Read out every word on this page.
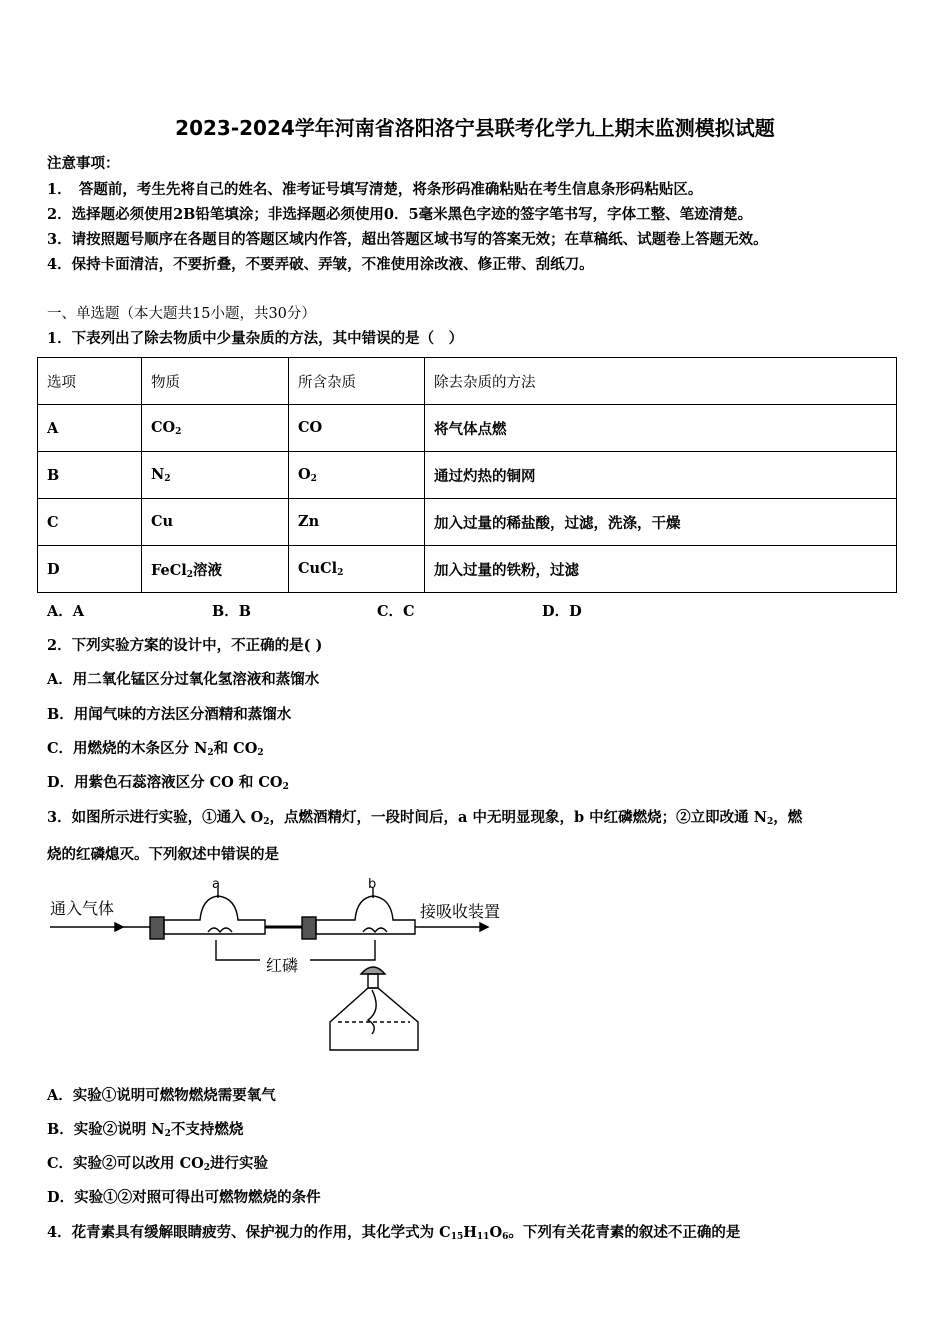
2023-2024学年河南省洛阳洛宁县联考化学九上期末监测模拟试题
注意事项：
1．　答题前，考生先将自己的姓名、准考证号填写清楚，将条形码准确粘贴在考生信息条形码粘贴区。
2．选择题必须使用2B铅笔填涂；非选择题必须使用0．5毫米黑色字迹的签字笔书写，字体工整、笔迹清楚。
3．请按照题号顺序在各题目的答题区域内作答，超出答题区域书写的答案无效；在草稿纸、试题卷上答题无效。
4．保持卡面清洁，不要折叠，不要弄破、弄皱，不准使用涂改液、修正带、刮纸刀。
一、单选题（本大题共15小题，共30分）
1．下表列出了除去物质中少量杂质的方法，其中错误的是（　）
选项	物质	所含杂质	除去杂质的方法
A	$CO_2$	CO	将气体点燃
B	$N_2$	$O_2$	通过灼热的铜网
C	Cu	Zn	加入过量的稀盐酸，过滤，洗涤，干燥
D	FeCl$_2$溶液	CuCl$_2$	加入过量的铁粉，过滤
A．A	B．B	C．C	D．D
2．下列实验方案的设计中，不正确的是( )
A．用二氧化锰区分过氧化氢溶液和蒸馏水
B．用闻气味的方法区分酒精和蒸馏水
C．用燃烧的木条区分 $N_2$和 $CO_2$
D．用紫色石蕊溶液区分 CO 和 $CO_2$
3．如图所示进行实验，①通入 $O_2$，点燃酒精灯，一段时间后，a 中无明显现象，b 中红磷燃烧；②立即改通 $N_2$，燃
烧的红磷熄灭。下列叙述中错误的是
通入气体	接吸收装置
红磷
a	b
A．实验①说明可燃物燃烧需要氧气
B．实验②说明 $N_2$不支持燃烧
C．实验②可以改用 $CO_2$进行实验
D．实验①②对照可得出可燃物燃烧的条件
4．花青素具有缓解眼睛疲劳、保护视力的作用，其化学式为 $C_{15}H_{11}O_6$。下列有关花青素的叙述不正确的是
